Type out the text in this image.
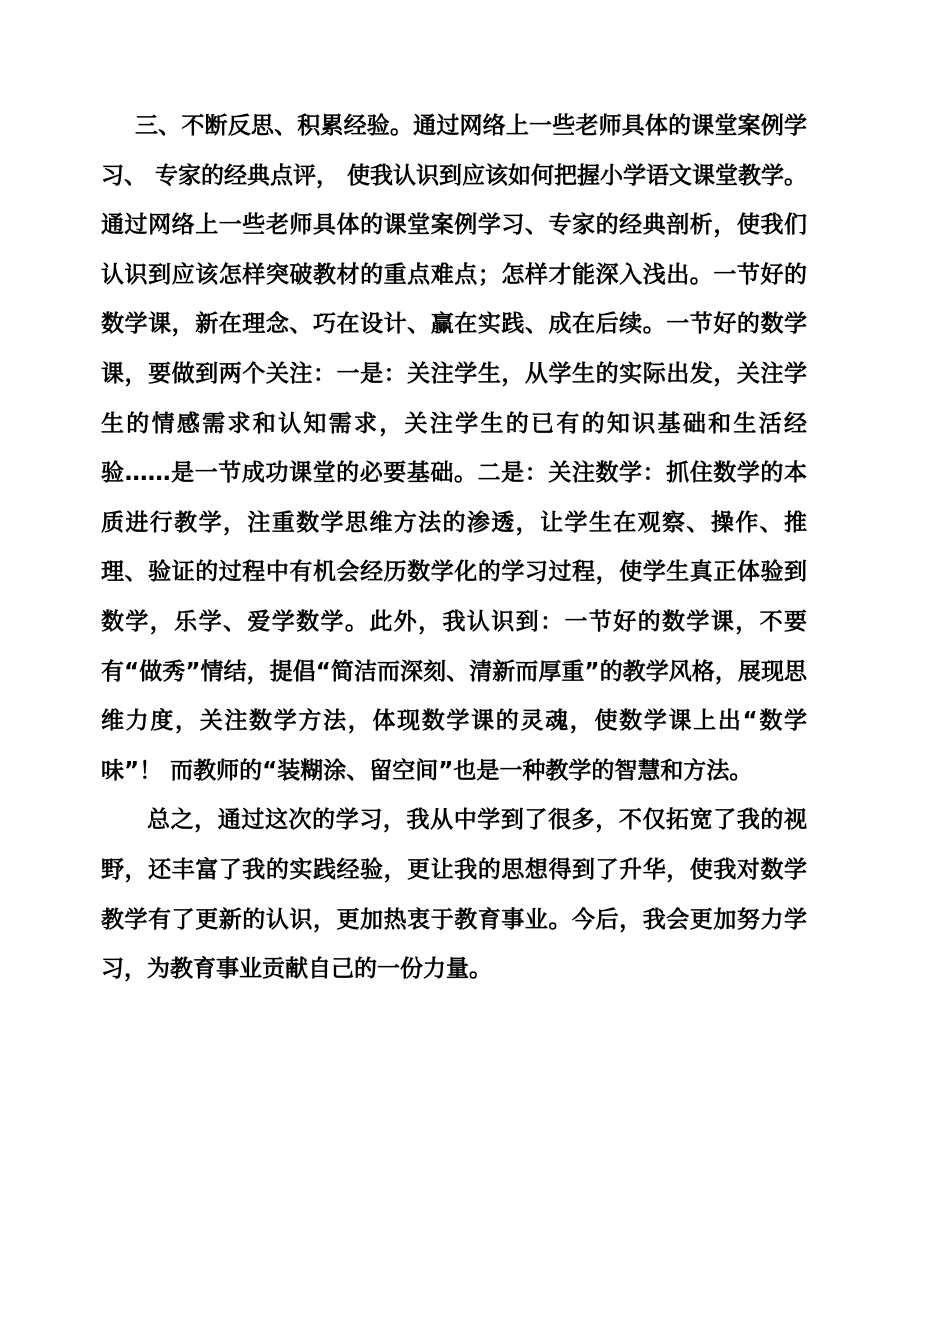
三、不断反思、积累经验。通过网络上一些老师具体的课堂案例学习、 专家的经典点评， 使我认识到应该如何把握小学语文课堂教学。通过网络上一些老师具体的课堂案例学习、专家的经典剖析，使我们认识到应该怎样突破教材的重点难点；怎样才能深入浅出。一节好的数学课，新在理念、巧在设计、赢在实践、成在后续。一节好的数学课，要做到两个关注：一是：关注学生，从学生的实际出发，关注学生的情感需求和认知需求，关注学生的已有的知识基础和生活经验……是一节成功课堂的必要基础。二是：关注数学：抓住数学的本质进行教学，注重数学思维方法的渗透，让学生在观察、操作、推理、验证的过程中有机会经历数学化的学习过程，使学生真正体验到数学，乐学、爱学数学。此外，我认识到：一节好的数学课，不要有“做秀”情结，提倡“简洁而深刻、清新而厚重”的教学风格，展现思维力度，关注数学方法，体现数学课的灵魂，使数学课上出“数学味”！ 而教师的“装糊涂、留空间”也是一种教学的智慧和方法。

总之，通过这次的学习，我从中学到了很多，不仅拓宽了我的视野，还丰富了我的实践经验，更让我的思想得到了升华，使我对数学教学有了更新的认识，更加热衷于教育事业。今后，我会更加努力学习，为教育事业贡献自己的一份力量。
